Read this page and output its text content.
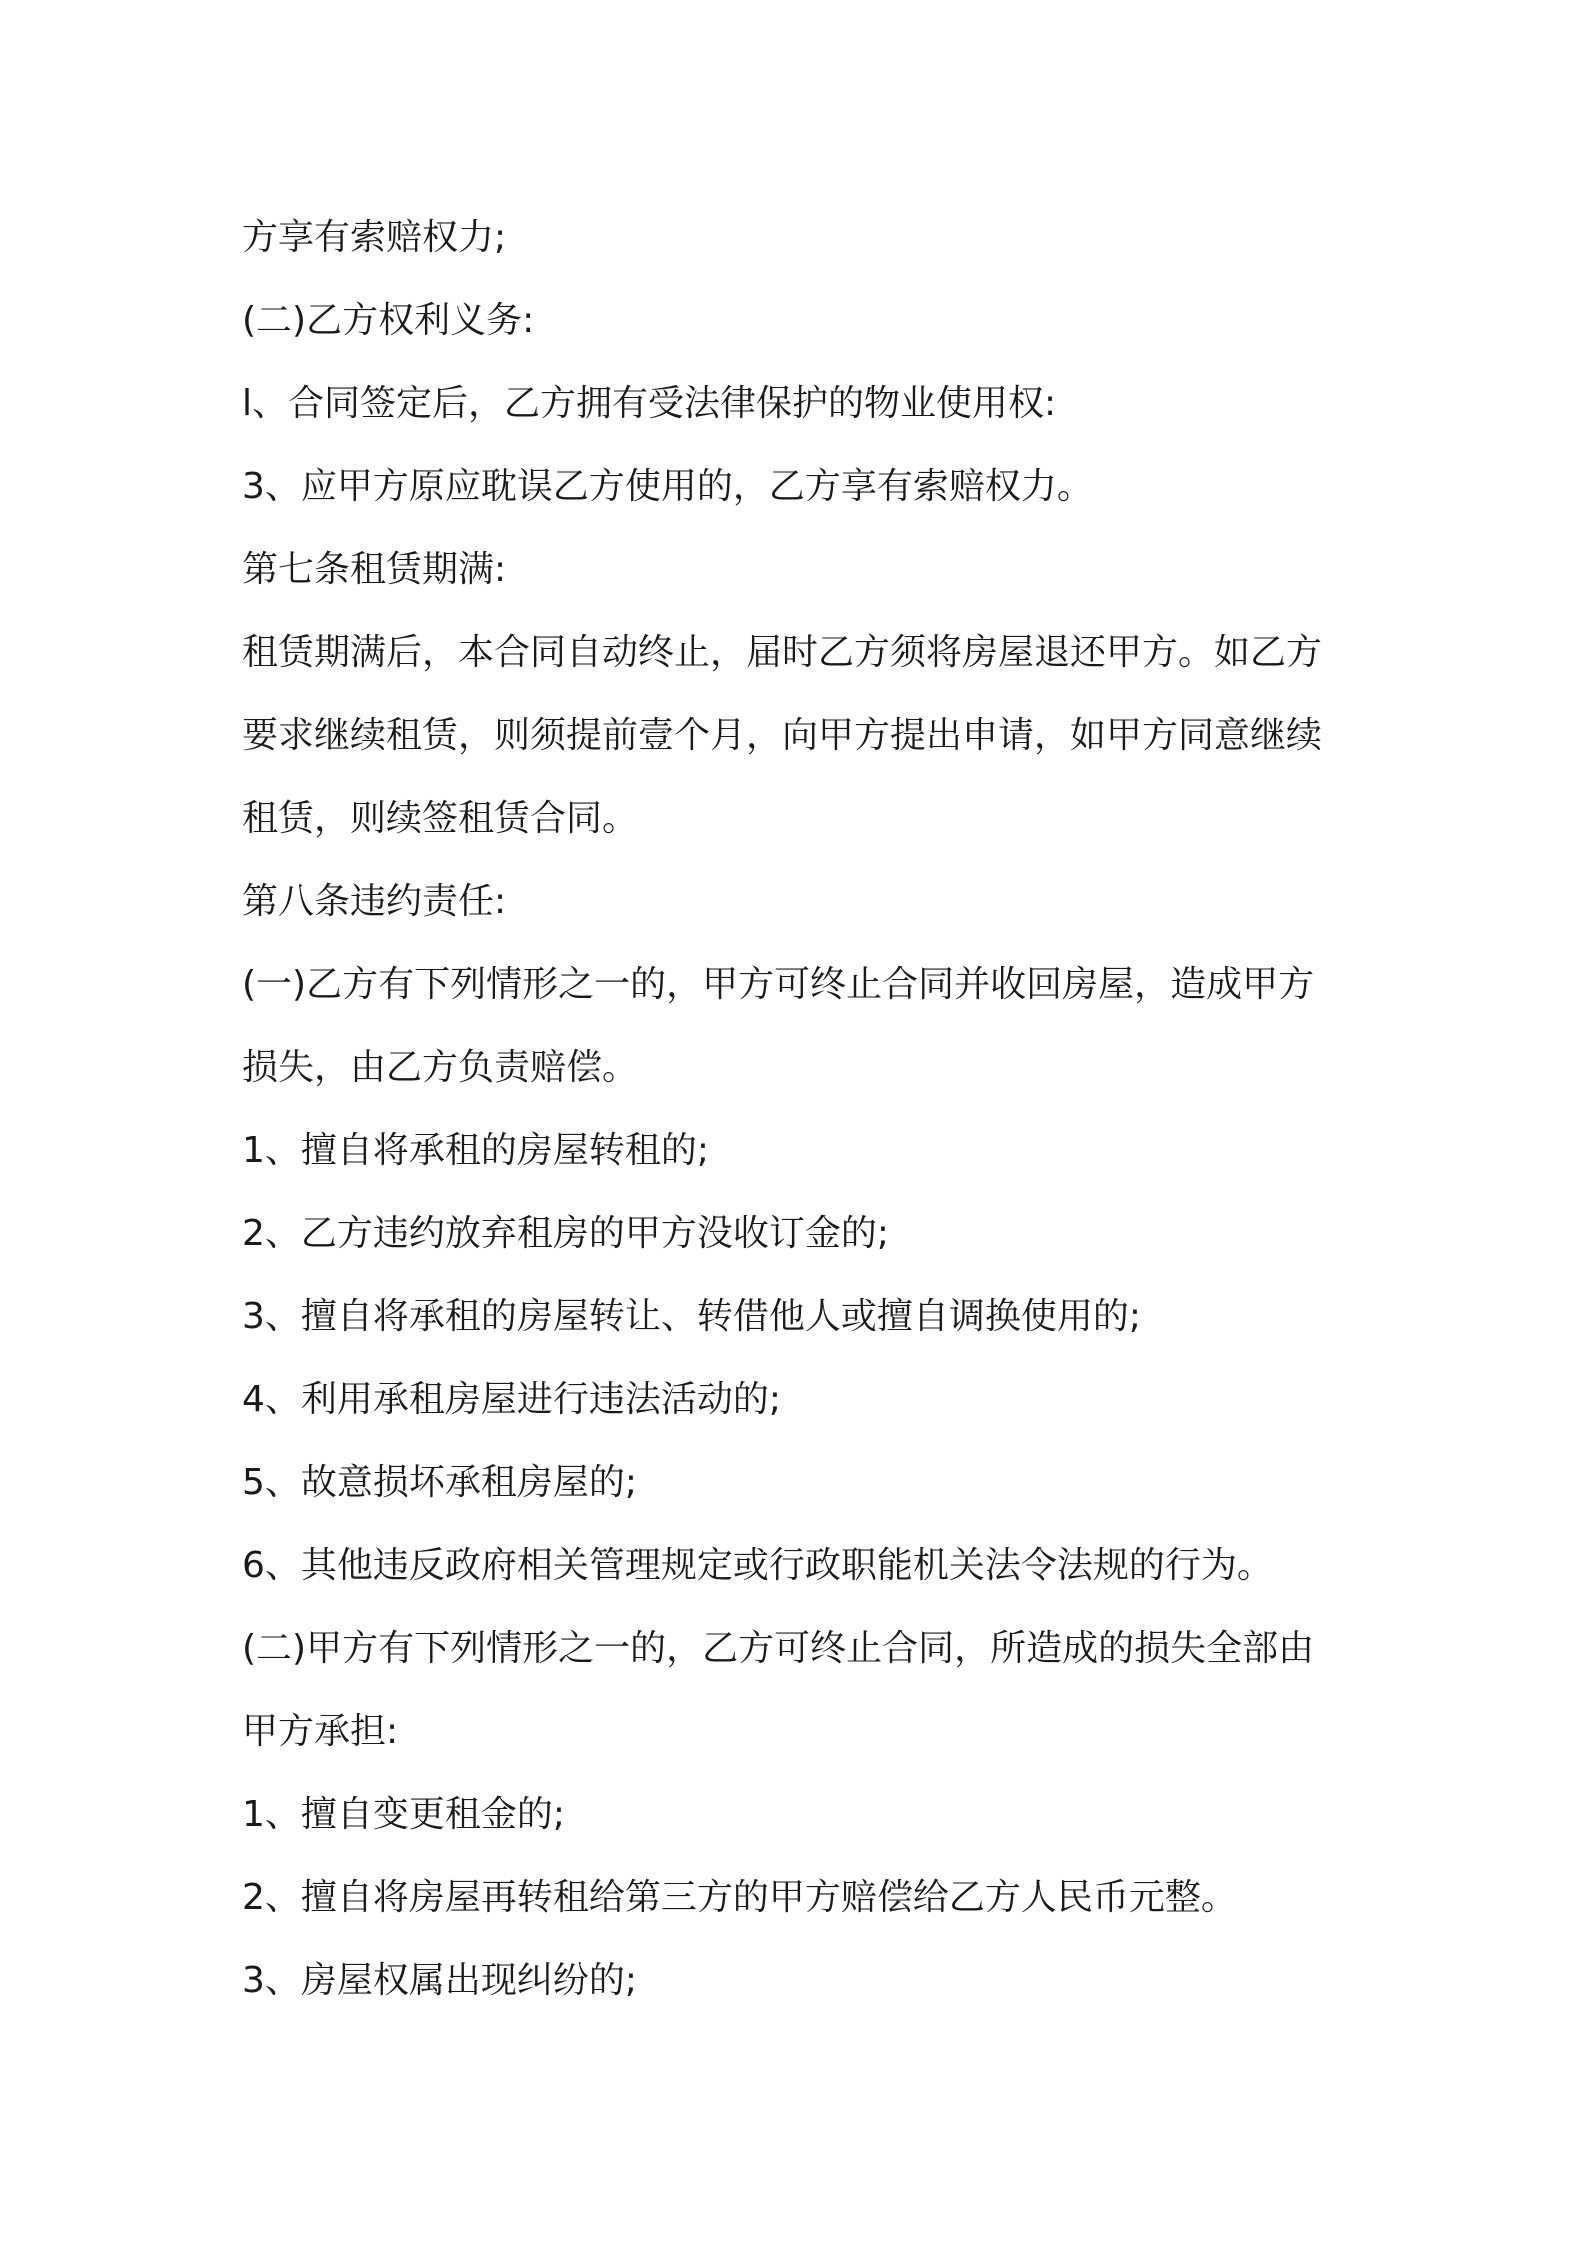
方享有索赔权力;

(二)乙方权利义务:

l、合同签定后，乙方拥有受法律保护的物业使用权:

3、应甲方原应耽误乙方使用的，乙方享有索赔权力。

第七条租赁期满:

租赁期满后，本合同自动终止，届时乙方须将房屋退还甲方。如乙方
要求继续租赁，则须提前壹个月，向甲方提出申请，如甲方同意继续
租赁，则续签租赁合同。

第八条违约责任:

(一)乙方有下列情形之一的，甲方可终止合同并收回房屋，造成甲方
损失，由乙方负责赔偿。

1、擅自将承租的房屋转租的;

2、乙方违约放弃租房的甲方没收订金的;

3、擅自将承租的房屋转让、转借他人或擅自调换使用的;

4、利用承租房屋进行违法活动的;

5、故意损坏承租房屋的;

6、其他违反政府相关管理规定或行政职能机关法令法规的行为。

(二)甲方有下列情形之一的，乙方可终止合同，所造成的损失全部由
甲方承担:

1、擅自变更租金的;

2、擅自将房屋再转租给第三方的甲方赔偿给乙方人民币元整。

3、房屋权属出现纠纷的;
